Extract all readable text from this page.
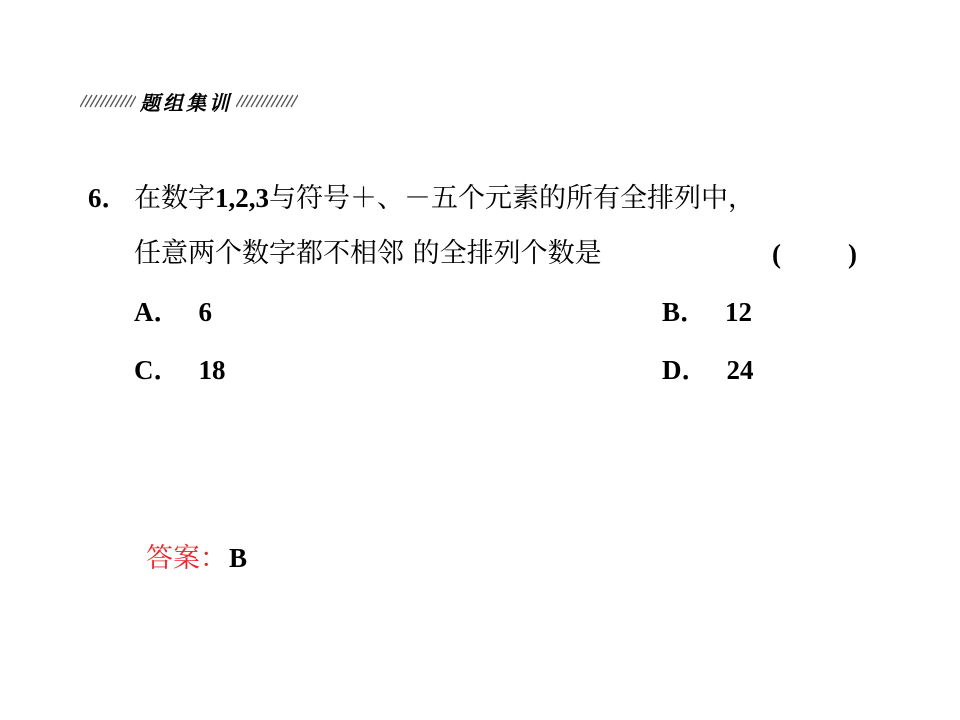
题组集训
6． 在数字1,2,3与符号＋、－五个元素的所有全排列中，
任意两个数字都不相邻 的全排列个数是	( )
A． 6	B． 12
C． 18	D． 24
答案：B
